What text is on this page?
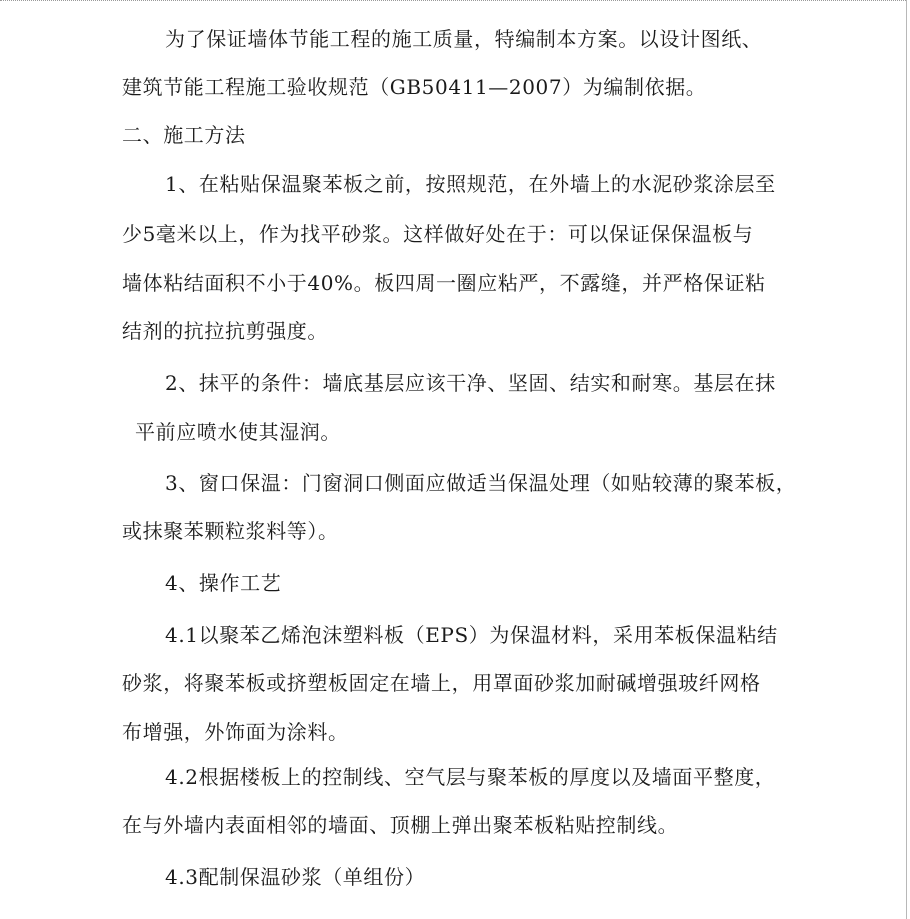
为了保证墙体节能工程的施工质量，特编制本方案。以设计图纸、
建筑节能工程施工验收规范（GB50411—2007）为编制依据。
二、施工方法
1、在粘贴保温聚苯板之前，按照规范，在外墙上的水泥砂浆涂层至
少5毫米以上，作为找平砂浆。这样做好处在于：可以保证保保温板与
墙体粘结面积不小于40%。板四周一圈应粘严，不露缝，并严格保证粘
结剂的抗拉抗剪强度。
2、抹平的条件：墙底基层应该干净、坚固、结实和耐寒。基层在抹
平前应喷水使其湿润。
3、窗口保温：门窗洞口侧面应做适当保温处理（如贴较薄的聚苯板，
或抹聚苯颗粒浆料等）。
4、操作工艺
4.1以聚苯乙烯泡沫塑料板（EPS）为保温材料，采用苯板保温粘结
砂浆，将聚苯板或挤塑板固定在墙上，用罩面砂浆加耐碱增强玻纤网格
布增强，外饰面为涂料。
4.2根据楼板上的控制线、空气层与聚苯板的厚度以及墙面平整度，
在与外墙内表面相邻的墙面、顶棚上弹出聚苯板粘贴控制线。
4.3配制保温砂浆（单组份）
